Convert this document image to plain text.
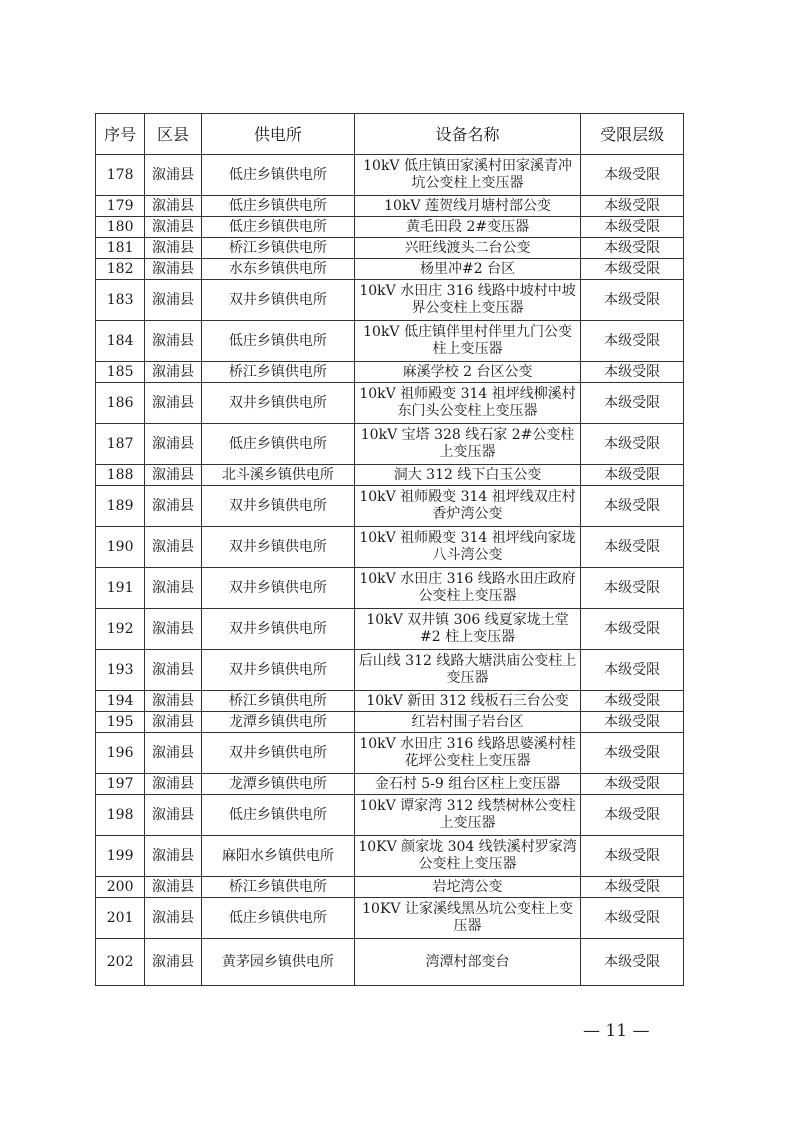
序号	区县	供电所	设备名称	受限层级
178	溆浦县	低庄乡镇供电所	10kV 低庄镇田家溪村田家溪青冲坑公变柱上变压器	本级受限
179	溆浦县	低庄乡镇供电所	10kV 莲贺线月塘村部公变	本级受限
180	溆浦县	低庄乡镇供电所	黄毛田段 2#变压器	本级受限
181	溆浦县	桥江乡镇供电所	兴旺线渡头二台公变	本级受限
182	溆浦县	水东乡镇供电所	杨里冲#2 台区	本级受限
183	溆浦县	双井乡镇供电所	10kV 水田庄 316 线路中坡村中坡界公变柱上变压器	本级受限
184	溆浦县	低庄乡镇供电所	10kV 低庄镇伴里村伴里九门公变柱上变压器	本级受限
185	溆浦县	桥江乡镇供电所	麻溪学校 2 台区公变	本级受限
186	溆浦县	双井乡镇供电所	10kV 祖师殿变 314 祖坪线柳溪村东门头公变柱上变压器	本级受限
187	溆浦县	低庄乡镇供电所	10kV 宝塔 328 线石家 2#公变柱上变压器	本级受限
188	溆浦县	北斗溪乡镇供电所	洞大 312 线下白玉公变	本级受限
189	溆浦县	双井乡镇供电所	10kV 祖师殿变 314 祖坪线双庄村香炉湾公变	本级受限
190	溆浦县	双井乡镇供电所	10kV 祖师殿变 314 祖坪线向家垅八斗湾公变	本级受限
191	溆浦县	双井乡镇供电所	10kV 水田庄 316 线路水田庄政府公变柱上变压器	本级受限
192	溆浦县	双井乡镇供电所	10kV 双井镇 306 线夏家垅土堂#2 柱上变压器	本级受限
193	溆浦县	双井乡镇供电所	后山线 312 线路大塘洪庙公变柱上变压器	本级受限
194	溆浦县	桥江乡镇供电所	10kV 新田 312 线板石三台公变	本级受限
195	溆浦县	龙潭乡镇供电所	红岩村围子岩台区	本级受限
196	溆浦县	双井乡镇供电所	10kV 水田庄 316 线路思婆溪村桂花坪公变柱上变压器	本级受限
197	溆浦县	龙潭乡镇供电所	金石村 5-9 组台区柱上变压器	本级受限
198	溆浦县	低庄乡镇供电所	10kV 谭家湾 312 线禁树林公变柱上变压器	本级受限
199	溆浦县	麻阳水乡镇供电所	10KV 颜家垅 304 线铁溪村罗家湾公变柱上变压器	本级受限
200	溆浦县	桥江乡镇供电所	岩坨湾公变	本级受限
201	溆浦县	低庄乡镇供电所	10KV 让家溪线黑丛坑公变柱上变压器	本级受限
202	溆浦县	黄茅园乡镇供电所	湾潭村部变台	本级受限
— 11 —
